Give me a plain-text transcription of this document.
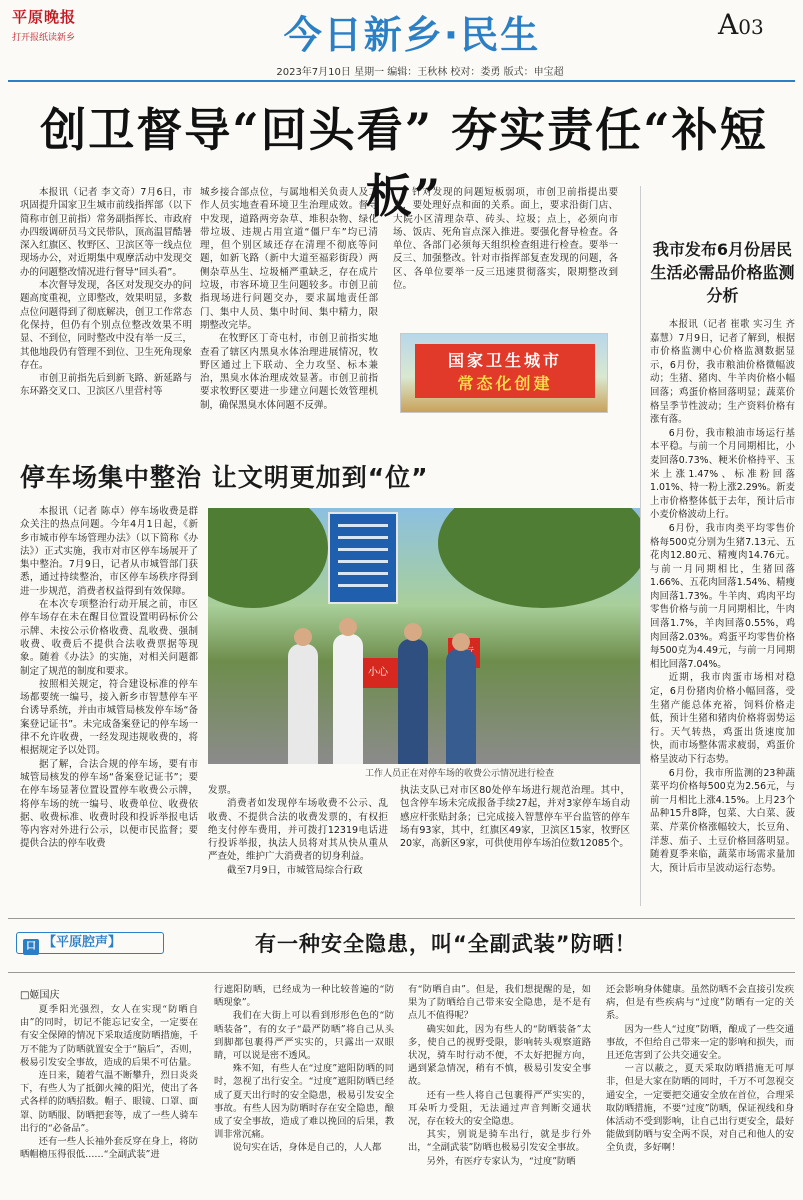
平原晚报
打开报纸读新乡	今日新乡·民生	A03
2023年7月10日 星期一 编辑：王秋林 校对：娄勇 版式：申宝超
创卫督导“回头看” 夯实责任“补短板”

本报讯（记者 李文奇）7月6日，市巩固提升国家卫生城市前线指挥部（以下简称市创卫前指）常务副指挥长、市政府办四级调研员马文民带队，顶高温冒酷暑深入红旗区、牧野区、卫滨区等一线点位现场办公，对近期集中观摩活动中发现交办的问题整改情况进行督导“回头看”。

本次督导发现，各区对发现交办的问题高度重视，立即整改，效果明显，多数点位问题得到了彻底解决，创卫工作常态化保持，但仍有个别点位整改效果不明显、不到位，同时整改中没有举一反三，其他地段仍有管理不到位、卫生死角现象存在。

市创卫前指先后到新飞路、新延路与东环路交叉口、卫滨区八里营村等

城乡接合部点位，与属地相关负责人及工作人员实地查看环境卫生治理成效。督导中发现，道路两旁杂草、堆积杂物、绿化带垃圾、违规占用宣道“僵尸车”均已清理，但个别区域还存在清理不彻底等问题，如新飞路（新中大道至福彩街段）两侧杂草丛生、垃圾桶严重缺乏，存在成片垃圾，市容环境卫生问题较多。市创卫前指现场进行问题交办，要求属地责任部门、集中人员、集中时间、集中精力，限期整改完毕。

在牧野区丁奇屯村，市创卫前指实地查看了辖区内黑臭水体治理进展情况，牧野区通过上下联动、全力攻坚、标本兼治，黑臭水体治理成效显著。市创卫前指要求牧野区要进一步建立问题长效管理机制，确保黑臭水体问题不反弹。

针对发现的问题短板弱项，市创卫前指提出要求，要处理好点和面的关系。面上，要求沿街门店、大院小区清理杂草、砖头、垃圾；点上，必须向市场、饭店、死角盲点深入推进。要强化督导检查。各单位、各部门必须每天组织检查组进行检查。要举一反三、加强整改。针对市指挥部复查发现的问题，各区、各单位要举一反三迅速贯彻落实，限期整改到位。

国家卫生城市
常态化创建
我市发布6月份居民生活必需品价格监测分析

本报讯（记者 崔歌 实习生 齐嘉慧）7月9日，记者了解到，根据市价格监测中心价格监测数据显示，6月份，我市粮油价格微幅波动；生猪、猪肉、牛羊肉价格小幅回落；鸡蛋价格回落明显；蔬菜价格呈季节性波动；生产资料价格有涨有落。

6月份，我市粮油市场运行基本平稳。与前一个月同期相比，小麦回落0.73%、粳米价格持平、玉米上涨1.47%、标准粉回落1.01%、特一粉上涨2.29%。新麦上市价格整体低于去年，预计后市小麦价格波动上行。

6月份，我市肉类平均零售价格每500克分别为生猪7.13元、五花肉12.80元、精瘦肉14.76元。与前一月同期相比，生猪回落1.66%、五花肉回落1.54%、精瘦肉回落1.73%。牛羊肉、鸡肉平均零售价格与前一月同期相比，牛肉回落1.7%，羊肉回落0.55%，鸡肉回落2.03%。鸡蛋平均零售价格每500克为4.49元，与前一月同期相比回落7.04%。

近期，我市肉蛋市场相对稳定，6月份猪肉价格小幅回落，受生猪产能总体充裕，饲料价格走低，预计生猪和猪肉价格将弱势运行。天气转热，鸡蛋出货速度加快，而市场整体需求疲弱，鸡蛋价格呈波动下行态势。

6月份，我市所监测的23种蔬菜平均价格每500克为2.56元，与前一月相比上涨4.15%。上月23个品种15升8降，包菜、大白菜、菠菜、芹菜价格涨幅较大，长豆角、洋葱、茄子、土豆价格回落明显。随着夏季来临，蔬菜市场需求量加大，预计后市呈波动运行态势。

停车场集中整治 让文明更加到“位”

本报讯（记者 陈卓）停车场收费是群众关注的热点问题。今年4月1日起，《新乡市城市停车场管理办法》（以下简称《办法》）正式实施，我市对市区停车场展开了集中整治。7月9日，记者从市城管部门获悉，通过持续整治，市区停车场秩序得到进一步规范，消费者权益得到有效保障。

在本次专项整治行动开展之前，市区停车场存在未在醒目位置设置明码标价公示牌、未按公示价格收费、乱收费、强制收费、收费后不提供合法收费票据等现象。随着《办法》的实施，对相关问题都制定了规范的制度和要求。

按照相关规定，符合建设标准的停车场都要统一编号，接入新乡市智慧停车平台诱导系统，并由市城管局核发停车场“备案登记证书”。未完成备案登记的停车场一律不允许收费，一经发现违规收费的，将根据规定予以处罚。

据了解，合法合规的停车场，要有市城管局核发的停车场“备案登记证书”；要在停车场显著位置设置停车收费公示牌，将停车场的统一编号、收费单位、收费依据、收费标准、收费时段和投诉举报电话等内容对外进行公示，以便市民监督；要提供合法的停车收费

小心
工作人员正在对停车场的收费公示情况进行检查

发票。

消费者如发现停车场收费不公示、乱收费、不提供合法的收费发票的，有权拒绝支付停车费用，并可拨打12319电话进行投诉举报，执法人员将对其从快从重从严查处，维护广大消费者的切身利益。

截至7月9日，市城管局综合行政

执法支队已对市区80处停车场进行规范治理。其中，包含停车场未完成报备手续27起，并对3家停车场自动感应杆张贴封条；已完成接入智慧停车平台监管的停车场有93家，其中，红旗区49家，卫滨区15家，牧野区20家，高新区9家，可供使用停车场泊位数12085个。

口 【平原腔声】	有一种安全隐患，叫“全副武装”防晒！
□姬国庆

夏季阳光强烈，女人在实现“防晒自由”的同时，切记不能忘记安全，一定要在有安全保障的情况下采取适度防晒措施，千万不能为了防晒就置安全于“脑后”，否则，极易引发安全事故，造成的后果不可估量。

连日来，随着气温不断攀升，烈日炎炎下，有些人为了抵御火辣的阳光，使出了各式各样的防晒招数。帽子、眼镜、口罩、面罩、防晒服、防晒把套等，成了一些人骑车出行的“必备品”。

还有一些人长袖外套反穿在身上，将防晒帽檐压得很低……“全副武装”进

行遮阳防晒，已经成为一种比较普遍的“防晒现象”。

我们在大街上可以看到形形色色的“防晒装备”，有的女子“最严防晒”将自己从头到脚都包裹得严严实实的，只露出一双眼睛，可以说是密不透风。

殊不知，有些人在“过度”遮阳防晒的同时，忽视了出行安全。“过度”遮阳防晒已经成了夏天出行时的安全隐患，极易引发安全事故。有些人因为防晒时存在安全隐患，酿成了安全事故，造成了难以挽回的后果，教训非常沉痛。

说句实在话，身体是自己的，人人都

有“防晒自由”。但是，我们想提醒的是，如果为了防晒给自己带来安全隐患，是不是有点儿不值得呢？

确实如此，因为有些人的“防晒装备”太多，使自己的视野受限，影响转头观察道路状况，骑车时行动不便，不太好把握方向，遇到紧急情况，稍有不慎，极易引发安全事故。

还有一些人将自己包裹得严严实实的，耳朵听力受阻，无法通过声音判断交通状况，存在较大的安全隐患。

其实，别说是骑车出行，就是步行外出，“全副武装”防晒也极易引发安全事故。

另外，有医疗专家认为，“过度”防晒

还会影响身体健康。虽然防晒不会直接引发疾病，但是有些疾病与“过度”防晒有一定的关系。

因为一些人“过度”防晒，酿成了一些交通事故，不但给自己带来一定的影响和损失，而且还危害到了公共交通安全。

一言以蔽之，夏天采取防晒措施无可厚非，但是大家在防晒的同时，千万不可忽视交通安全，一定要把交通安全放在首位，合理采取防晒措施，不要“过度”防晒，保证视线和身体活动不受到影响，让自己出行更安全，最好能做到防晒与安全两不误，对自己和他人的安全负责，多好啊！
